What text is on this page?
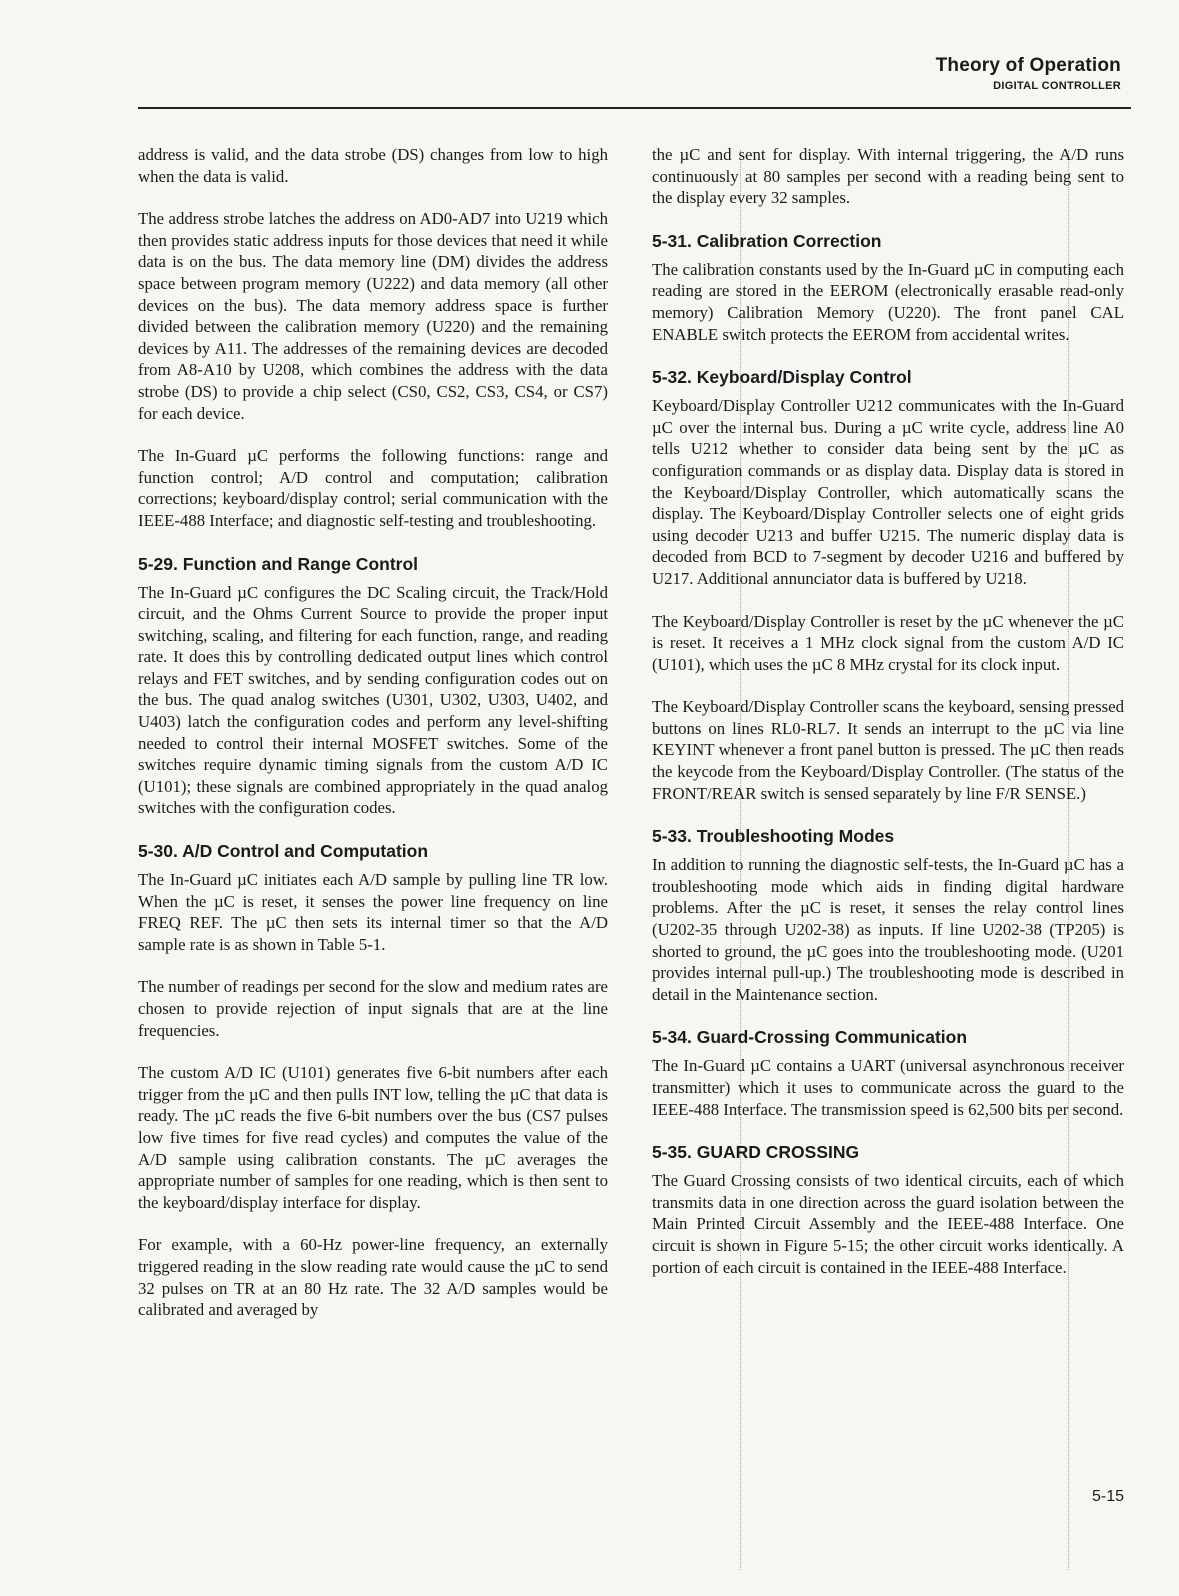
Theory of Operation
DIGITAL CONTROLLER

address is valid, and the data strobe (DS) changes from low to high when the data is valid.

The address strobe latches the address on AD0-AD7 into U219 which then provides static address inputs for those devices that need it while data is on the bus. The data memory line (DM) divides the address space between program memory (U222) and data memory (all other devices on the bus). The data memory address space is further divided between the calibration memory (U220) and the remaining devices by A11. The addresses of the remaining devices are decoded from A8-A10 by U208, which combines the address with the data strobe (DS) to provide a chip select (CS0, CS2, CS3, CS4, or CS7) for each device.

The In-Guard µC performs the following functions: range and function control; A/D control and computation; calibration corrections; keyboard/display control; serial communication with the IEEE-488 Interface; and diagnostic self-testing and troubleshooting.

5-29. Function and Range Control

The In-Guard µC configures the DC Scaling circuit, the Track/Hold circuit, and the Ohms Current Source to provide the proper input switching, scaling, and filtering for each function, range, and reading rate. It does this by controlling dedicated output lines which control relays and FET switches, and by sending configuration codes out on the bus. The quad analog switches (U301, U302, U303, U402, and U403) latch the configuration codes and perform any level-shifting needed to control their internal MOSFET switches. Some of the switches require dynamic timing signals from the custom A/D IC (U101); these signals are combined appropriately in the quad analog switches with the configuration codes.

5-30. A/D Control and Computation

The In-Guard µC initiates each A/D sample by pulling line TR low. When the µC is reset, it senses the power line frequency on line FREQ REF. The µC then sets its internal timer so that the A/D sample rate is as shown in Table 5-1.

The number of readings per second for the slow and medium rates are chosen to provide rejection of input signals that are at the line frequencies.

The custom A/D IC (U101) generates five 6-bit numbers after each trigger from the µC and then pulls INT low, telling the µC that data is ready. The µC reads the five 6-bit numbers over the bus (CS7 pulses low five times for five read cycles) and computes the value of the A/D sample using calibration constants. The µC averages the appropriate number of samples for one reading, which is then sent to the keyboard/display interface for display.

For example, with a 60-Hz power-line frequency, an externally triggered reading in the slow reading rate would cause the µC to send 32 pulses on TR at an 80 Hz rate. The 32 A/D samples would be calibrated and averaged by

the µC and sent for display. With internal triggering, the A/D runs continuously at 80 samples per second with a reading being sent to the display every 32 samples.

5-31. Calibration Correction

The calibration constants used by the In-Guard µC in computing each reading are stored in the EEROM (electronically erasable read-only memory) Calibration Memory (U220). The front panel CAL ENABLE switch protects the EEROM from accidental writes.

5-32. Keyboard/Display Control

Keyboard/Display Controller U212 communicates with the In-Guard µC over the internal bus. During a µC write cycle, address line A0 tells U212 whether to consider data being sent by the µC as configuration commands or as display data. Display data is stored in the Keyboard/Display Controller, which automatically scans the display. The Keyboard/Display Controller selects one of eight grids using decoder U213 and buffer U215. The numeric display data is decoded from BCD to 7-segment by decoder U216 and buffered by U217. Additional annunciator data is buffered by U218.

The Keyboard/Display Controller is reset by the µC whenever the µC is reset. It receives a 1 MHz clock signal from the custom A/D IC (U101), which uses the µC 8 MHz crystal for its clock input.

The Keyboard/Display Controller scans the keyboard, sensing pressed buttons on lines RL0-RL7. It sends an interrupt to the µC via line KEYINT whenever a front panel button is pressed. The µC then reads the keycode from the Keyboard/Display Controller. (The status of the FRONT/REAR switch is sensed separately by line F/R SENSE.)

5-33. Troubleshooting Modes

In addition to running the diagnostic self-tests, the In-Guard µC has a troubleshooting mode which aids in finding digital hardware problems. After the µC is reset, it senses the relay control lines (U202-35 through U202-38) as inputs. If line U202-38 (TP205) is shorted to ground, the µC goes into the troubleshooting mode. (U201 provides internal pull-up.) The troubleshooting mode is described in detail in the Maintenance section.

5-34. Guard-Crossing Communication

The In-Guard µC contains a UART (universal asynchronous receiver transmitter) which it uses to communicate across the guard to the IEEE-488 Interface. The transmission speed is 62,500 bits per second.

5-35. GUARD CROSSING

The Guard Crossing consists of two identical circuits, each of which transmits data in one direction across the guard isolation between the Main Printed Circuit Assembly and the IEEE-488 Interface. One circuit is shown in Figure 5-15; the other circuit works identically. A portion of each circuit is contained in the IEEE-488 Interface.

5-15
